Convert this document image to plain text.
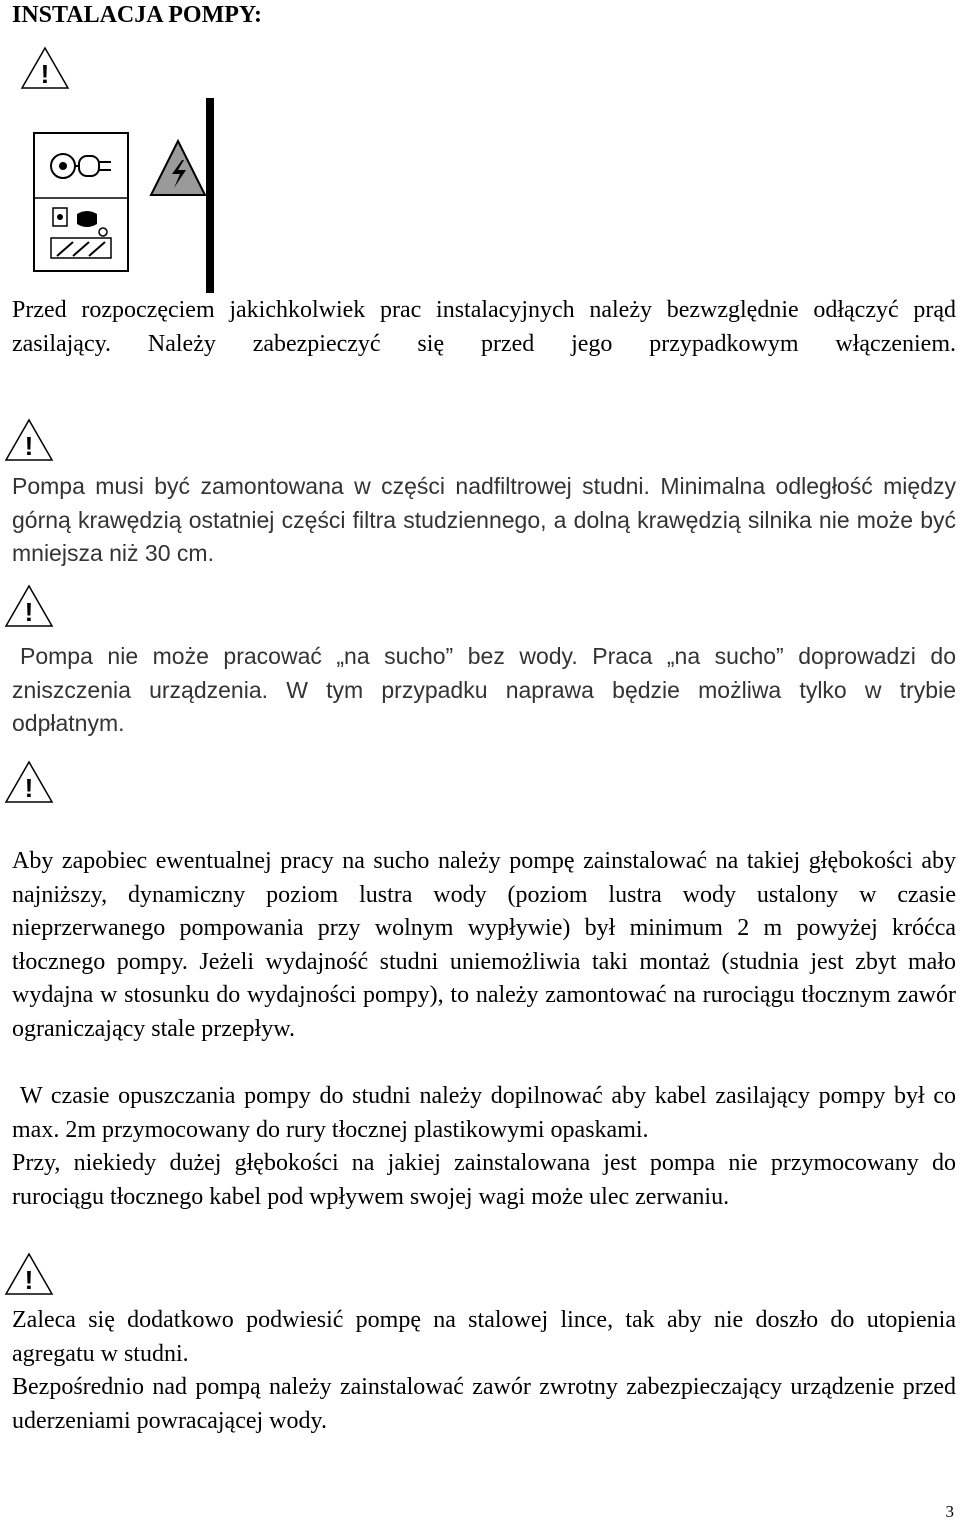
INSTALACJA POMPY:
!

Przed rozpoczęciem jakichkolwiek prac instalacyjnych należy bezwzględnie odłączyć prąd zasilający. Należy zabezpieczyć się przed jego przypadkowym włączeniem.

!

Pompa musi być zamontowana w części nadfiltrowej studni. Minimalna odległość między górną krawędzią ostatniej części filtra studziennego, a dolną krawędzią silnika nie może być mniejsza niż 30 cm.

!

Pompa nie może pracować „na sucho” bez wody. Praca „na sucho” doprowadzi do zniszczenia urządzenia. W tym przypadku naprawa będzie możliwa tylko w trybie odpłatnym.

!

Aby zapobiec ewentualnej pracy na sucho należy pompę zainstalować na takiej głębokości aby najniższy, dynamiczny poziom lustra wody (poziom lustra wody ustalony w czasie nieprzerwanego pompowania przy wolnym wypływie) był minimum 2 m powyżej króćca tłocznego pompy. Jeżeli wydajność studni uniemożliwia taki montaż (studnia jest zbyt mało wydajna w stosunku do wydajności pompy), to należy zamontować na rurociągu tłocznym zawór ograniczający stale przepływ.

W czasie opuszczania pompy do studni należy dopilnować aby kabel zasilający pompy był co max. 2m przymocowany do rury tłocznej plastikowymi opaskami.

Przy, niekiedy dużej głębokości na jakiej zainstalowana jest pompa nie przymocowany do rurociągu tłocznego kabel pod wpływem swojej wagi może ulec zerwaniu.

!

Zaleca się dodatkowo podwiesić pompę na stalowej lince, tak aby nie doszło do utopienia agregatu w studni.

Bezpośrednio nad pompą należy zainstalować zawór zwrotny zabezpieczający urządzenie przed uderzeniami powracającej wody.

3
